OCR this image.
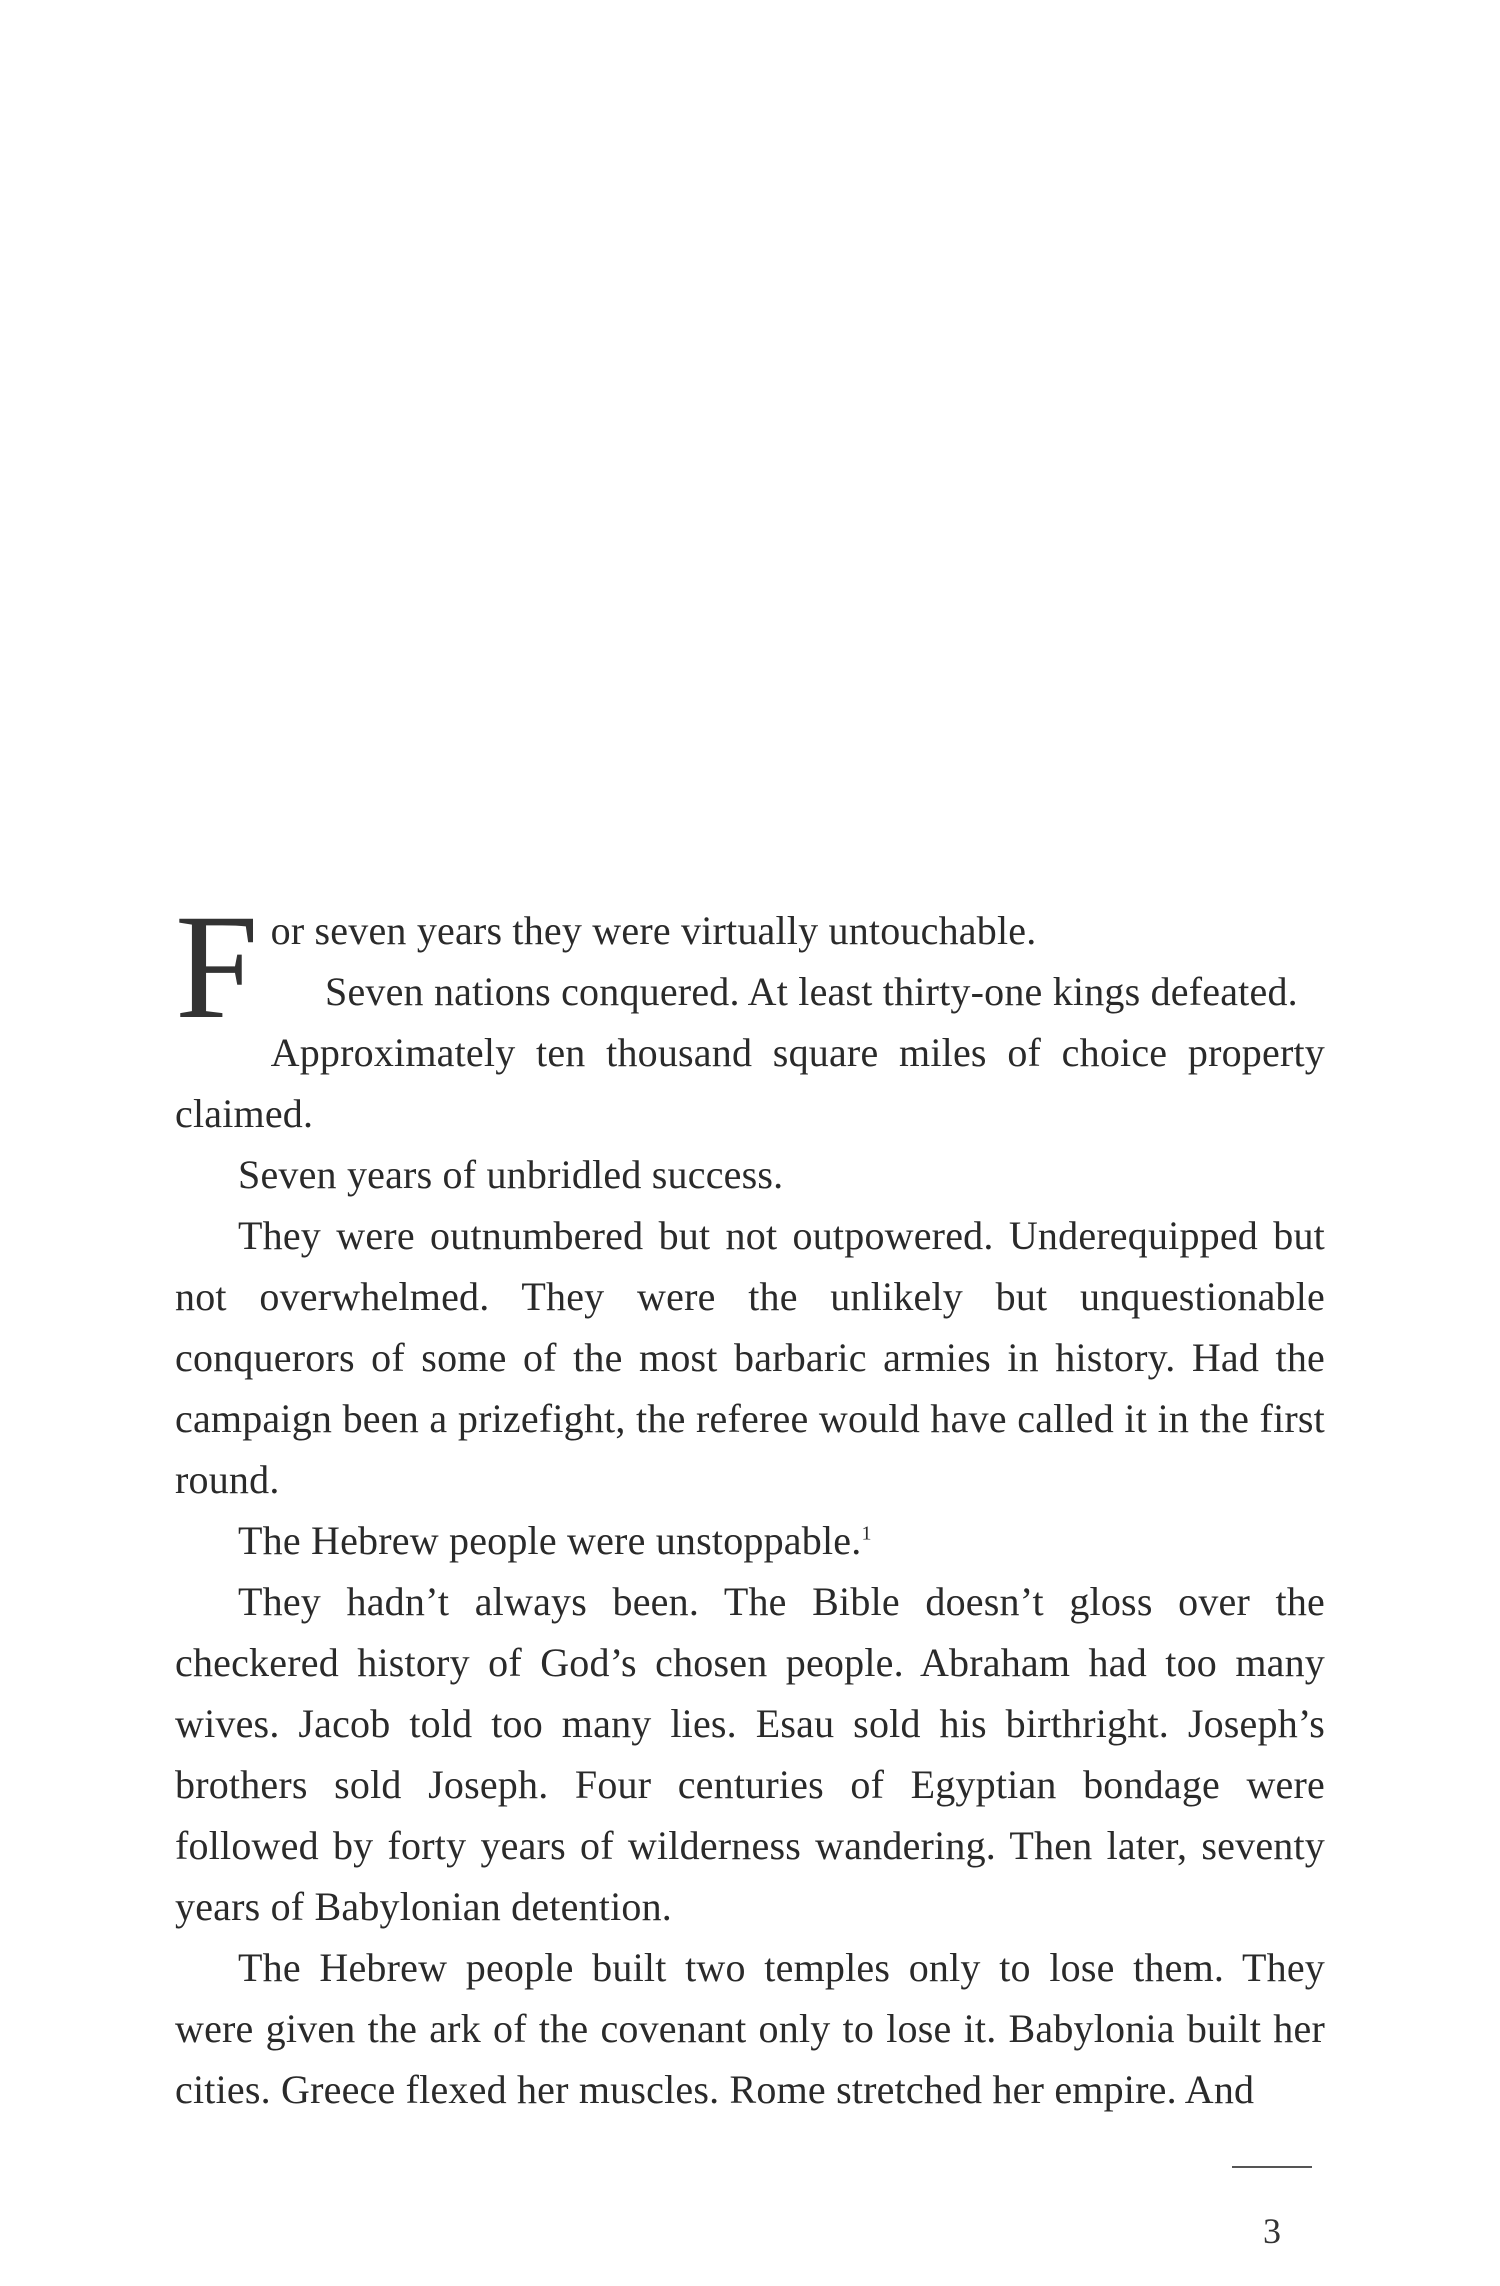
F or seven years they were virtually untouchable.
Seven nations conquered. At least thirty-one kings defeated.
Approximately ten thousand square miles of choice property claimed.

Seven years of unbridled success.

They were outnumbered but not outpowered. Underequipped but not overwhelmed. They were the unlikely but unquestionable conquerors of some of the most barbaric armies in history. Had the campaign been a prizefight, the referee would have called it in the first round.

The Hebrew people were unstoppable.$^1$

They hadn’t always been. The Bible doesn’t gloss over the checkered history of God’s chosen people. Abraham had too many wives. Jacob told too many lies. Esau sold his birthright. Joseph’s brothers sold Joseph. Four centuries of Egyptian bondage were followed by forty years of wilderness wandering. Then later, seventy years of Babylonian detention.

The Hebrew people built two temples only to lose them. They were given the ark of the covenant only to lose it. Babylonia built her cities. Greece flexed her muscles. Rome stretched her empire. And

3
